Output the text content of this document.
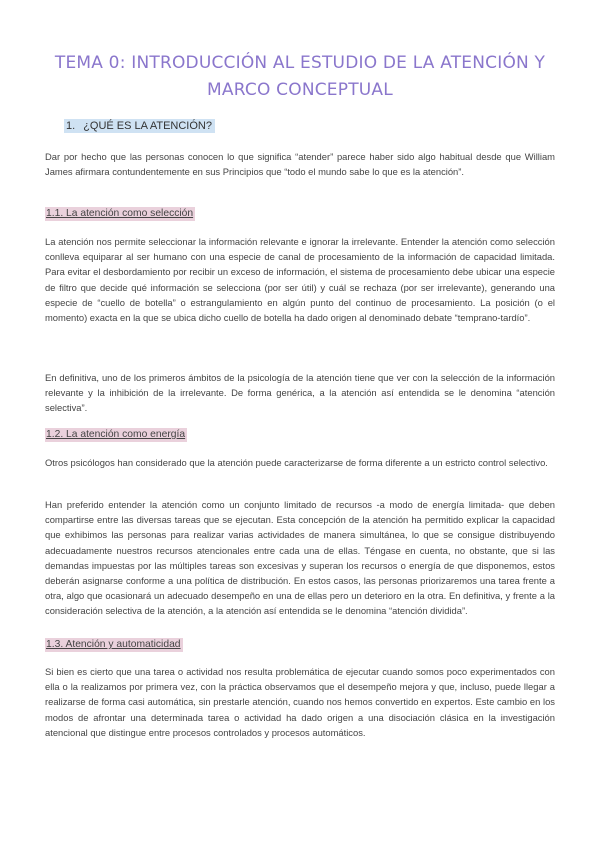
TEMA 0: INTRODUCCIÓN AL ESTUDIO DE LA ATENCIÓN Y MARCO CONCEPTUAL
1. ¿QUÉ ES LA ATENCIÓN?

Dar por hecho que las personas conocen lo que significa “atender” parece haber sido algo habitual desde que William James afirmara contundentemente en sus Principios que “todo el mundo sabe lo que es la atención”.

1.1. La atención como selección

La atención nos permite seleccionar la información relevante e ignorar la irrelevante. Entender la atención como selección conlleva equiparar al ser humano con una especie de canal de procesamiento de la información de capacidad limitada. Para evitar el desbordamiento por recibir un exceso de información, el sistema de procesamiento debe ubicar una especie de filtro que decide qué información se selecciona (por ser útil) y cuál se rechaza (por ser irrelevante), generando una especie de “cuello de botella” o estrangulamiento en algún punto del continuo de procesamiento. La posición (o el momento) exacta en la que se ubica dicho cuello de botella ha dado origen al denominado debate “temprano-tardío”.

En definitiva, uno de los primeros ámbitos de la psicología de la atención tiene que ver con la selección de la información relevante y la inhibición de la irrelevante. De forma genérica, a la atención así entendida se le denomina “atención selectiva”.

1.2. La atención como energía

Otros psicólogos han considerado que la atención puede caracterizarse de forma diferente a un estricto control selectivo.

Han preferido entender la atención como un conjunto limitado de recursos -a modo de energía limitada- que deben compartirse entre las diversas tareas que se ejecutan. Esta concepción de la atención ha permitido explicar la capacidad que exhibimos las personas para realizar varias actividades de manera simultánea, lo que se consigue distribuyendo adecuadamente nuestros recursos atencionales entre cada una de ellas. Téngase en cuenta, no obstante, que si las demandas impuestas por las múltiples tareas son excesivas y superan los recursos o energía de que disponemos, estos deberán asignarse conforme a una política de distribución. En estos casos, las personas priorizaremos una tarea frente a otra, algo que ocasionará un adecuado desempeño en una de ellas pero un deterioro en la otra. En definitiva, y frente a la consideración selectiva de la atención, a la atención así entendida se le denomina “atención dividida”.

1.3. Atención y automaticidad

Si bien es cierto que una tarea o actividad nos resulta problemática de ejecutar cuando somos poco experimentados con ella o la realizamos por primera vez, con la práctica observamos que el desempeño mejora y que, incluso, puede llegar a realizarse de forma casi automática, sin prestarle atención, cuando nos hemos convertido en expertos. Este cambio en los modos de afrontar una determinada tarea o actividad ha dado origen a una disociación clásica en la investigación atencional que distingue entre procesos controlados y procesos automáticos.
